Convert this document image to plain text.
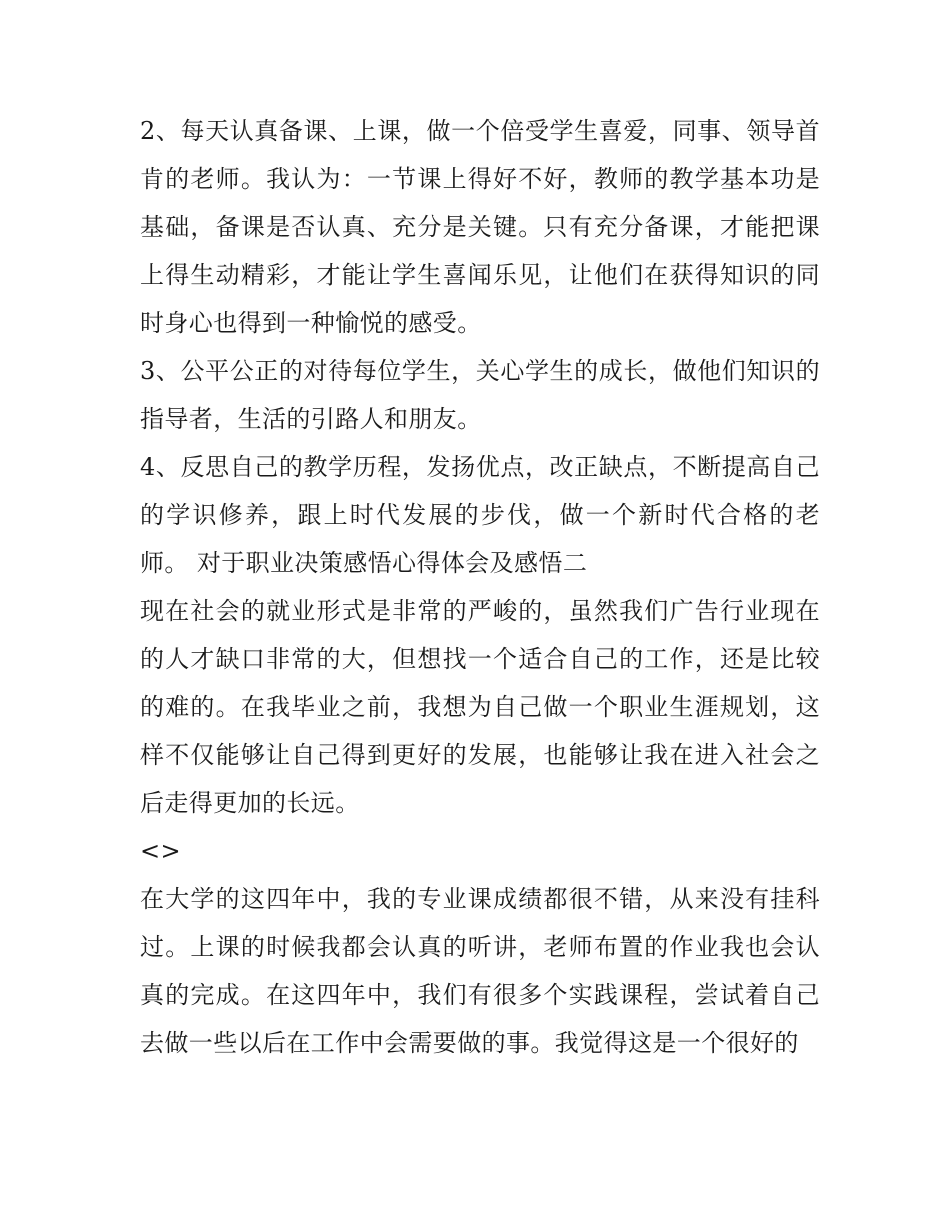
2、每天认真备课、上课，做一个倍受学生喜爱，同事、领导首肯的老师。我认为：一节课上得好不好，教师的教学基本功是基础，备课是否认真、充分是关键。只有充分备课，才能把课上得生动精彩，才能让学生喜闻乐见，让他们在获得知识的同时身心也得到一种愉悦的感受。

3、公平公正的对待每位学生，关心学生的成长，做他们知识的指导者，生活的引路人和朋友。

4、反思自己的教学历程，发扬优点，改正缺点，不断提高自己的学识修养，跟上时代发展的步伐，做一个新时代合格的老师。 对于职业决策感悟心得体会及感悟二

现在社会的就业形式是非常的严峻的，虽然我们广告行业现在的人才缺口非常的大，但想找一个适合自己的工作，还是比较的难的。在我毕业之前，我想为自己做一个职业生涯规划，这样不仅能够让自己得到更好的发展，也能够让我在进入社会之后走得更加的长远。

<>

在大学的这四年中，我的专业课成绩都很不错，从来没有挂科过。上课的时候我都会认真的听讲，老师布置的作业我也会认真的完成。在这四年中，我们有很多个实践课程，尝试着自己去做一些以后在工作中会需要做的事。我觉得这是一个很好的
